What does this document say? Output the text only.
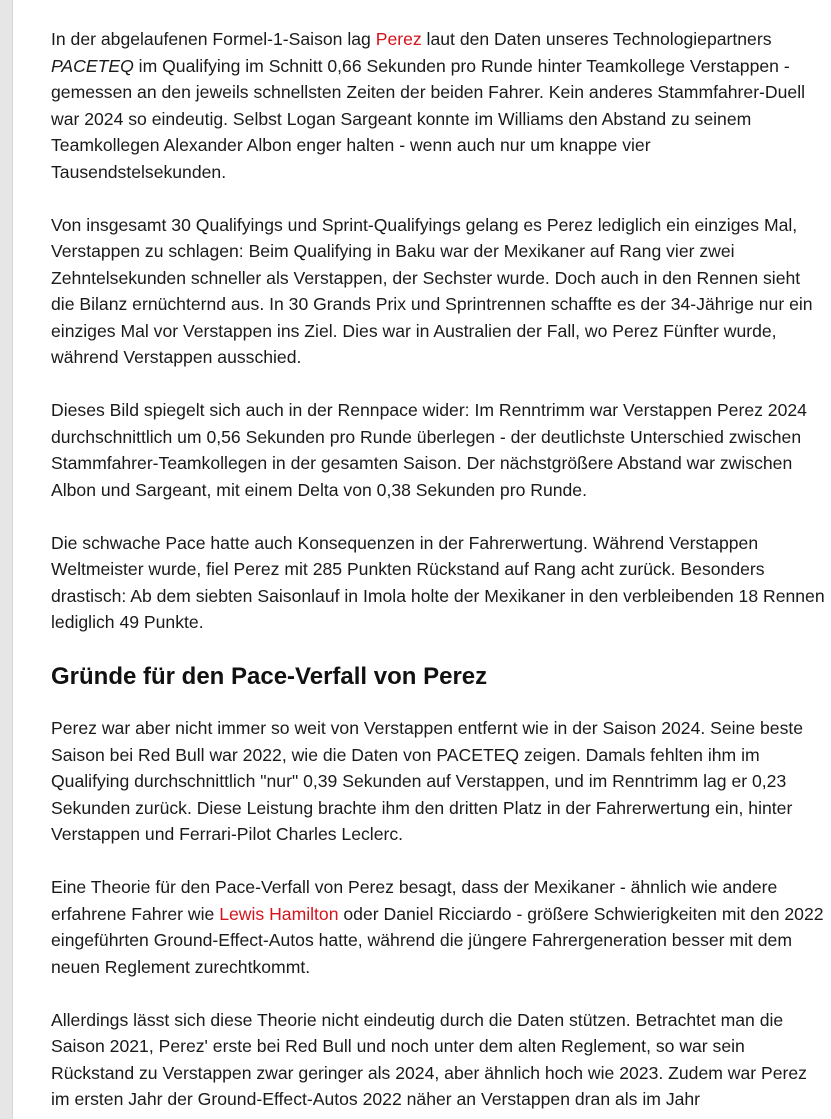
In der abgelaufenen Formel-1-Saison lag Perez laut den Daten unseres Technologiepartners PACETEQ im Qualifying im Schnitt 0,66 Sekunden pro Runde hinter Teamkollege Verstappen - gemessen an den jeweils schnellsten Zeiten der beiden Fahrer. Kein anderes Stammfahrer-Duell war 2024 so eindeutig. Selbst Logan Sargeant konnte im Williams den Abstand zu seinem Teamkollegen Alexander Albon enger halten - wenn auch nur um knappe vier Tausendstelsekunden.

Von insgesamt 30 Qualifyings und Sprint-Qualifyings gelang es Perez lediglich ein einziges Mal, Verstappen zu schlagen: Beim Qualifying in Baku war der Mexikaner auf Rang vier zwei Zehntelsekunden schneller als Verstappen, der Sechster wurde. Doch auch in den Rennen sieht die Bilanz ernüchternd aus. In 30 Grands Prix und Sprintrennen schaffte es der 34-Jährige nur ein einziges Mal vor Verstappen ins Ziel. Dies war in Australien der Fall, wo Perez Fünfter wurde, während Verstappen ausschied.

Dieses Bild spiegelt sich auch in der Rennpace wider: Im Renntrimm war Verstappen Perez 2024 durchschnittlich um 0,56 Sekunden pro Runde überlegen - der deutlichste Unterschied zwischen Stammfahrer-Teamkollegen in der gesamten Saison. Der nächstgrößere Abstand war zwischen Albon und Sargeant, mit einem Delta von 0,38 Sekunden pro Runde.

Die schwache Pace hatte auch Konsequenzen in der Fahrerwertung. Während Verstappen Weltmeister wurde, fiel Perez mit 285 Punkten Rückstand auf Rang acht zurück. Besonders drastisch: Ab dem siebten Saisonlauf in Imola holte der Mexikaner in den verbleibenden 18 Rennen lediglich 49 Punkte.

Gründe für den Pace-Verfall von Perez

Perez war aber nicht immer so weit von Verstappen entfernt wie in der Saison 2024. Seine beste Saison bei Red Bull war 2022, wie die Daten von PACETEQ zeigen. Damals fehlten ihm im Qualifying durchschnittlich "nur" 0,39 Sekunden auf Verstappen, und im Renntrimm lag er 0,23 Sekunden zurück. Diese Leistung brachte ihm den dritten Platz in der Fahrerwertung ein, hinter Verstappen und Ferrari-Pilot Charles Leclerc.

Eine Theorie für den Pace-Verfall von Perez besagt, dass der Mexikaner - ähnlich wie andere erfahrene Fahrer wie Lewis Hamilton oder Daniel Ricciardo - größere Schwierigkeiten mit den 2022 eingeführten Ground-Effect-Autos hatte, während die jüngere Fahrergeneration besser mit dem neuen Reglement zurechtkommt.

Allerdings lässt sich diese Theorie nicht eindeutig durch die Daten stützen. Betrachtet man die Saison 2021, Perez' erste bei Red Bull und noch unter dem alten Reglement, so war sein Rückstand zu Verstappen zwar geringer als 2024, aber ähnlich hoch wie 2023. Zudem war Perez im ersten Jahr der Ground-Effect-Autos 2022 näher an Verstappen dran als im Jahr
